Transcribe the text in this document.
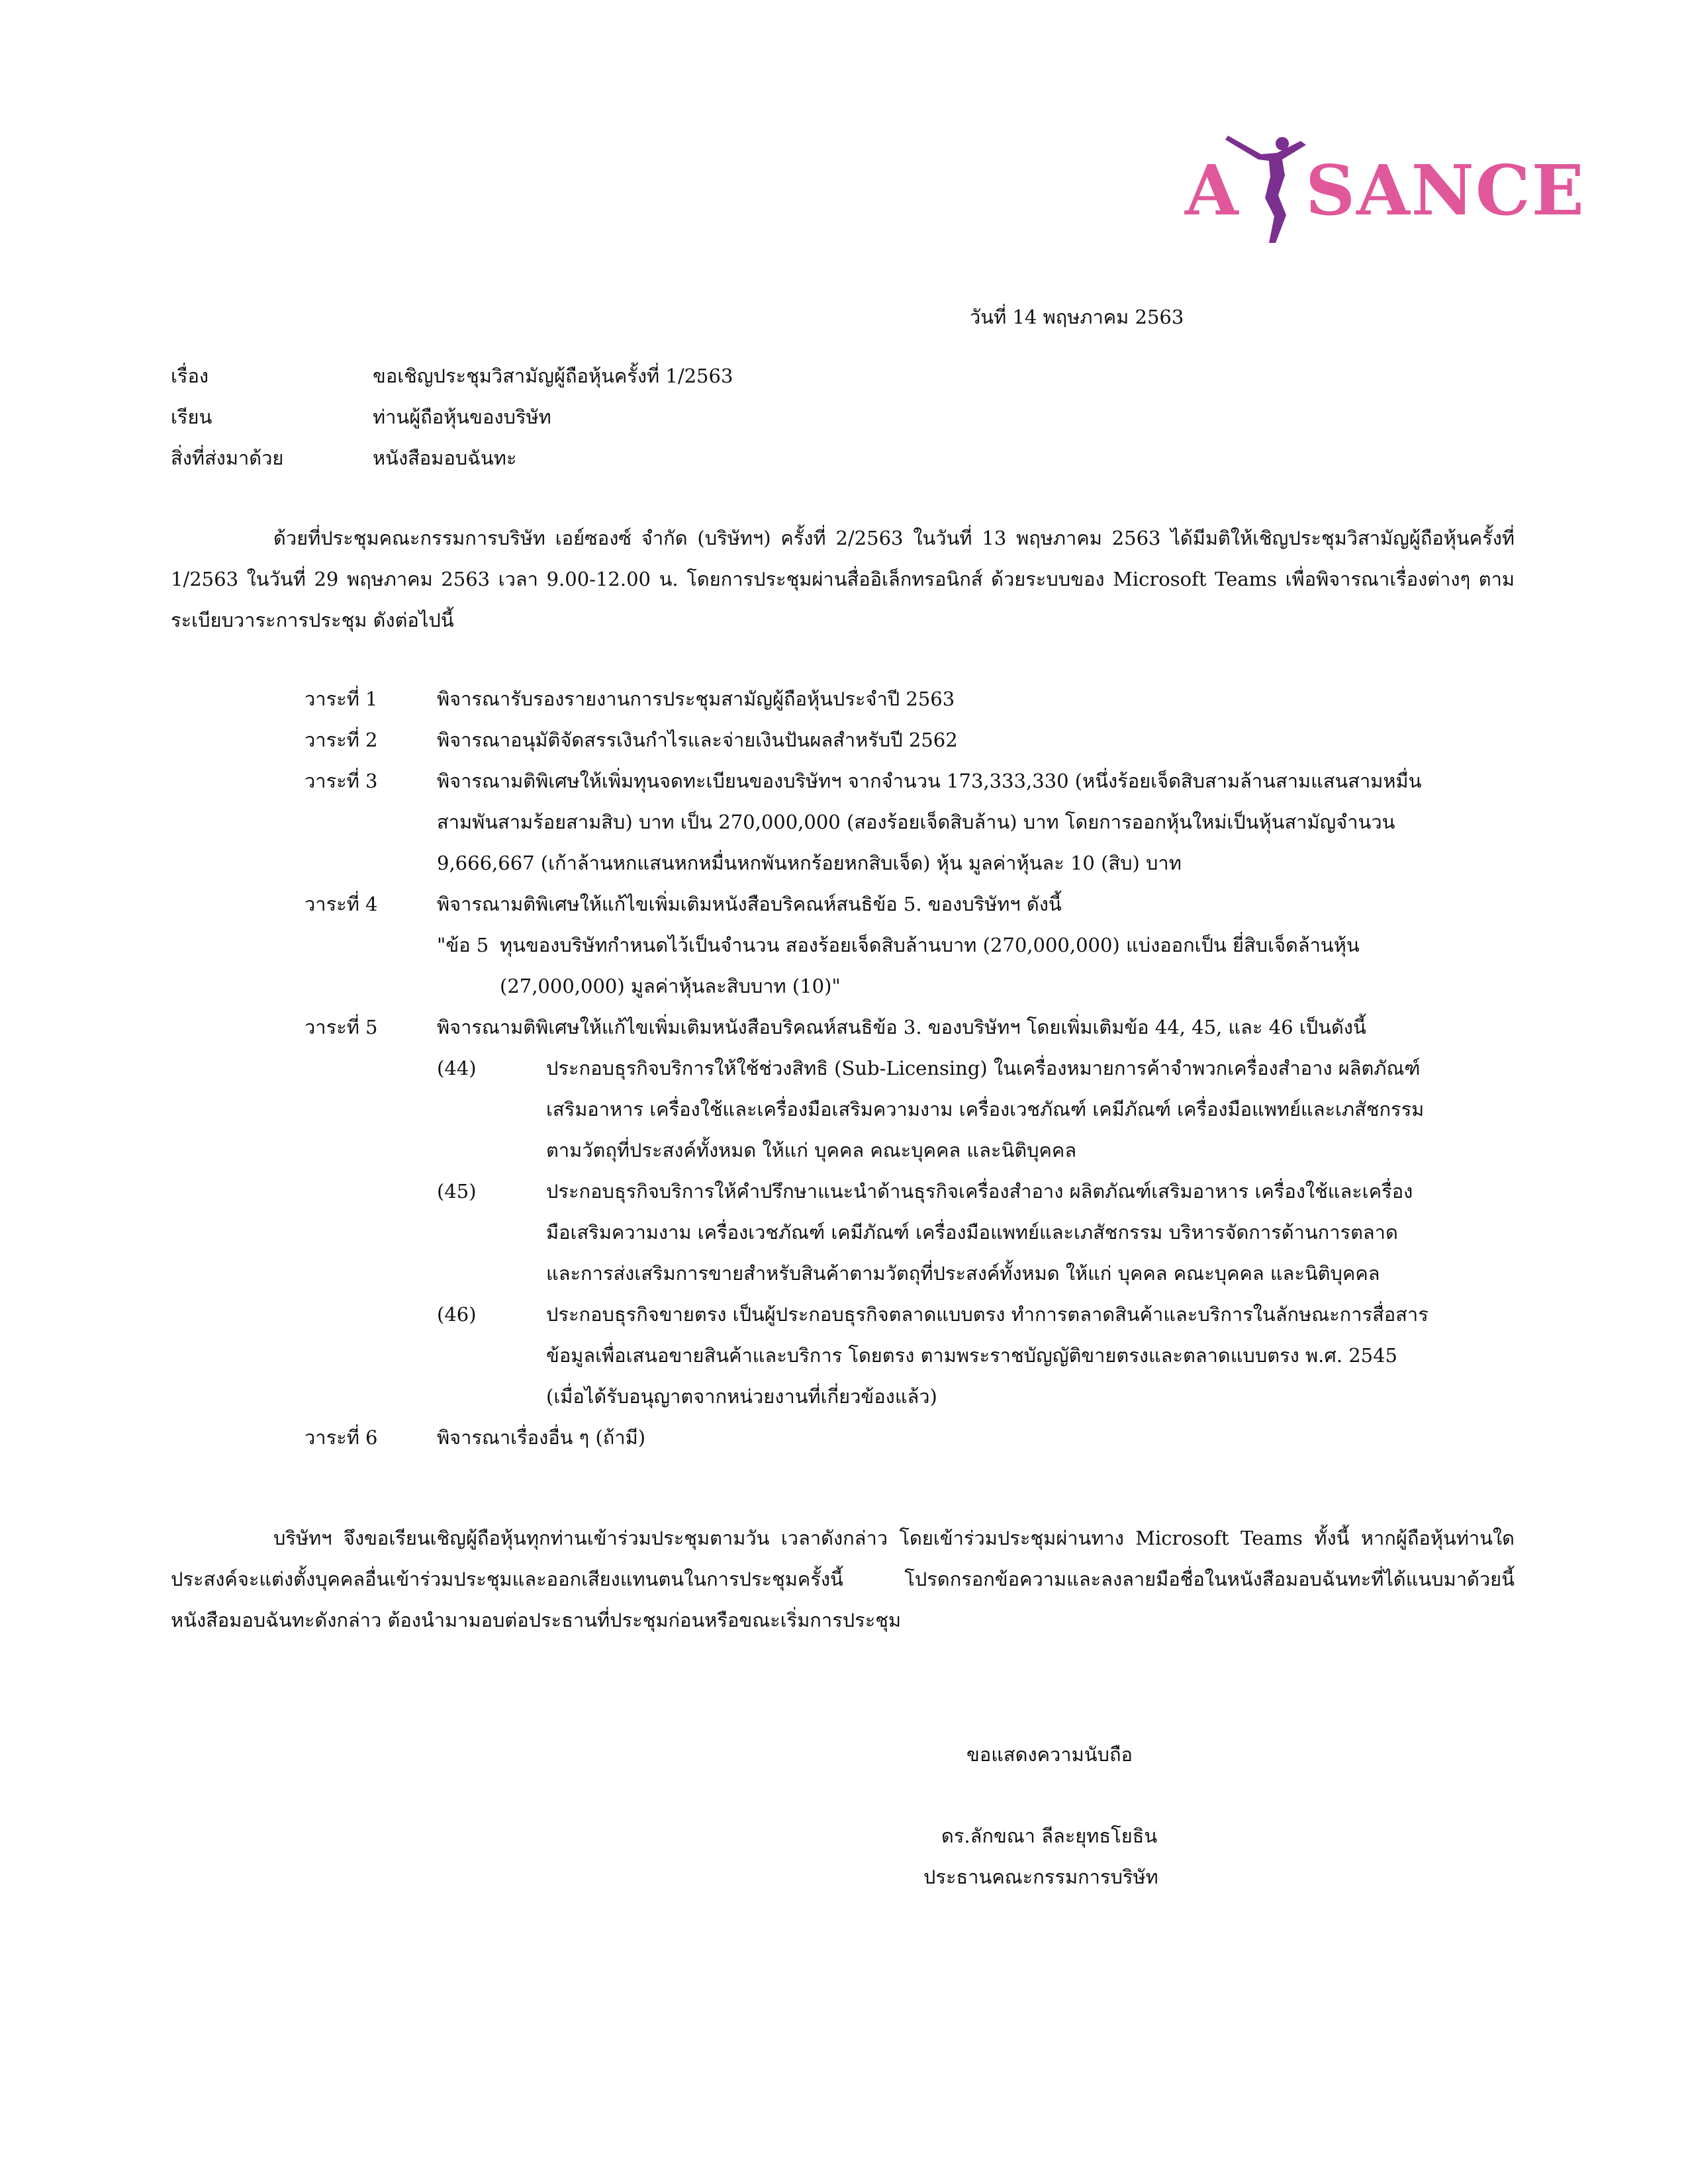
A SANCE
วันที่ 14 พฤษภาคม 2563
เรื่อง	ขอเชิญประชุมวิสามัญผู้ถือหุ้นครั้งที่ 1/2563
เรียน	ท่านผู้ถือหุ้นของบริษัท
สิ่งที่ส่งมาด้วย	หนังสือมอบฉันทะ
ด้วยที่ประชุมคณะกรรมการบริษัท เอย์ซองซ์ จำกัด (บริษัทฯ) ครั้งที่ 2/2563 ในวันที่ 13 พฤษภาคม 2563 ได้มีมติให้เชิญประชุมวิสามัญผู้ถือหุ้นครั้งที่ 1/2563 ในวันที่ 29 พฤษภาคม 2563 เวลา 9.00-12.00 น. โดยการประชุมผ่านสื่ออิเล็กทรอนิกส์ ด้วยระบบของ Microsoft Teams เพื่อพิจารณาเรื่องต่างๆ ตามระเบียบวาระการประชุม ดังต่อไปนี้
วาระที่ 1	พิจารณารับรองรายงานการประชุมสามัญผู้ถือหุ้นประจำปี 2563
วาระที่ 2	พิจารณาอนุมัติจัดสรรเงินกำไรและจ่ายเงินปันผลสำหรับปี 2562
วาระที่ 3	พิจารณามติพิเศษให้เพิ่มทุนจดทะเบียนของบริษัทฯ จากจำนวน 173,333,330 (หนึ่งร้อยเจ็ดสิบสามล้านสามแสนสามหมื่นสามพันสามร้อยสามสิบ) บาท เป็น 270,000,000 (สองร้อยเจ็ดสิบล้าน) บาท โดยการออกหุ้นใหม่เป็นหุ้นสามัญจำนวน 9,666,667 (เก้าล้านหกแสนหกหมื่นหกพันหกร้อยหกสิบเจ็ด) หุ้น มูลค่าหุ้นละ 10 (สิบ) บาท
วาระที่ 4	พิจารณามติพิเศษให้แก้ไขเพิ่มเติมหนังสือบริคณห์สนธิข้อ 5. ของบริษัทฯ ดังนี้
"ข้อ 5 ทุนของบริษัทกำหนดไว้เป็นจำนวน สองร้อยเจ็ดสิบล้านบาท (270,000,000) แบ่งออกเป็น ยี่สิบเจ็ดล้านหุ้น (27,000,000) มูลค่าหุ้นละสิบบาท (10)"
วาระที่ 5	พิจารณามติพิเศษให้แก้ไขเพิ่มเติมหนังสือบริคณห์สนธิข้อ 3. ของบริษัทฯ โดยเพิ่มเติมข้อ 44, 45, และ 46 เป็นดังนี้
(44)	ประกอบธุรกิจบริการให้ใช้ช่วงสิทธิ (Sub-Licensing) ในเครื่องหมายการค้าจำพวกเครื่องสำอาง ผลิตภัณฑ์เสริมอาหาร เครื่องใช้และเครื่องมือเสริมความงาม เครื่องเวชภัณฑ์ เคมีภัณฑ์ เครื่องมือแพทย์และเภสัชกรรม ตามวัตถุที่ประสงค์ทั้งหมด ให้แก่ บุคคล คณะบุคคล และนิติบุคคล
(45)	ประกอบธุรกิจบริการให้คำปรึกษาแนะนำด้านธุรกิจเครื่องสำอาง ผลิตภัณฑ์เสริมอาหาร เครื่องใช้และเครื่องมือเสริมความงาม เครื่องเวชภัณฑ์ เคมีภัณฑ์ เครื่องมือแพทย์และเภสัชกรรม บริหารจัดการด้านการตลาดและการส่งเสริมการขายสำหรับสินค้าตามวัตถุที่ประสงค์ทั้งหมด ให้แก่ บุคคล คณะบุคคล และนิติบุคคล
(46)	ประกอบธุรกิจขายตรง เป็นผู้ประกอบธุรกิจตลาดแบบตรง ทำการตลาดสินค้าและบริการในลักษณะการสื่อสารข้อมูลเพื่อเสนอขายสินค้าและบริการ โดยตรง ตามพระราชบัญญัติขายตรงและตลาดแบบตรง พ.ศ. 2545 (เมื่อได้รับอนุญาตจากหน่วยงานที่เกี่ยวข้องแล้ว)
วาระที่ 6	พิจารณาเรื่องอื่น ๆ (ถ้ามี)
บริษัทฯ จึงขอเรียนเชิญผู้ถือหุ้นทุกท่านเข้าร่วมประชุมตามวัน เวลาดังกล่าว โดยเข้าร่วมประชุมผ่านทาง Microsoft Teams ทั้งนี้ หากผู้ถือหุ้นท่านใดประสงค์จะแต่งตั้งบุคคลอื่นเข้าร่วมประชุมและออกเสียงแทนตนในการประชุมครั้งนี้ โปรดกรอกข้อความและลงลายมือชื่อในหนังสือมอบฉันทะที่ได้แนบมาด้วยนี้ หนังสือมอบฉันทะดังกล่าว ต้องนำมามอบต่อประธานที่ประชุมก่อนหรือขณะเริ่มการประชุม
ขอแสดงความนับถือ
ดร.ลักขณา ลีละยุทธโยธิน
ประธานคณะกรรมการบริษัท
